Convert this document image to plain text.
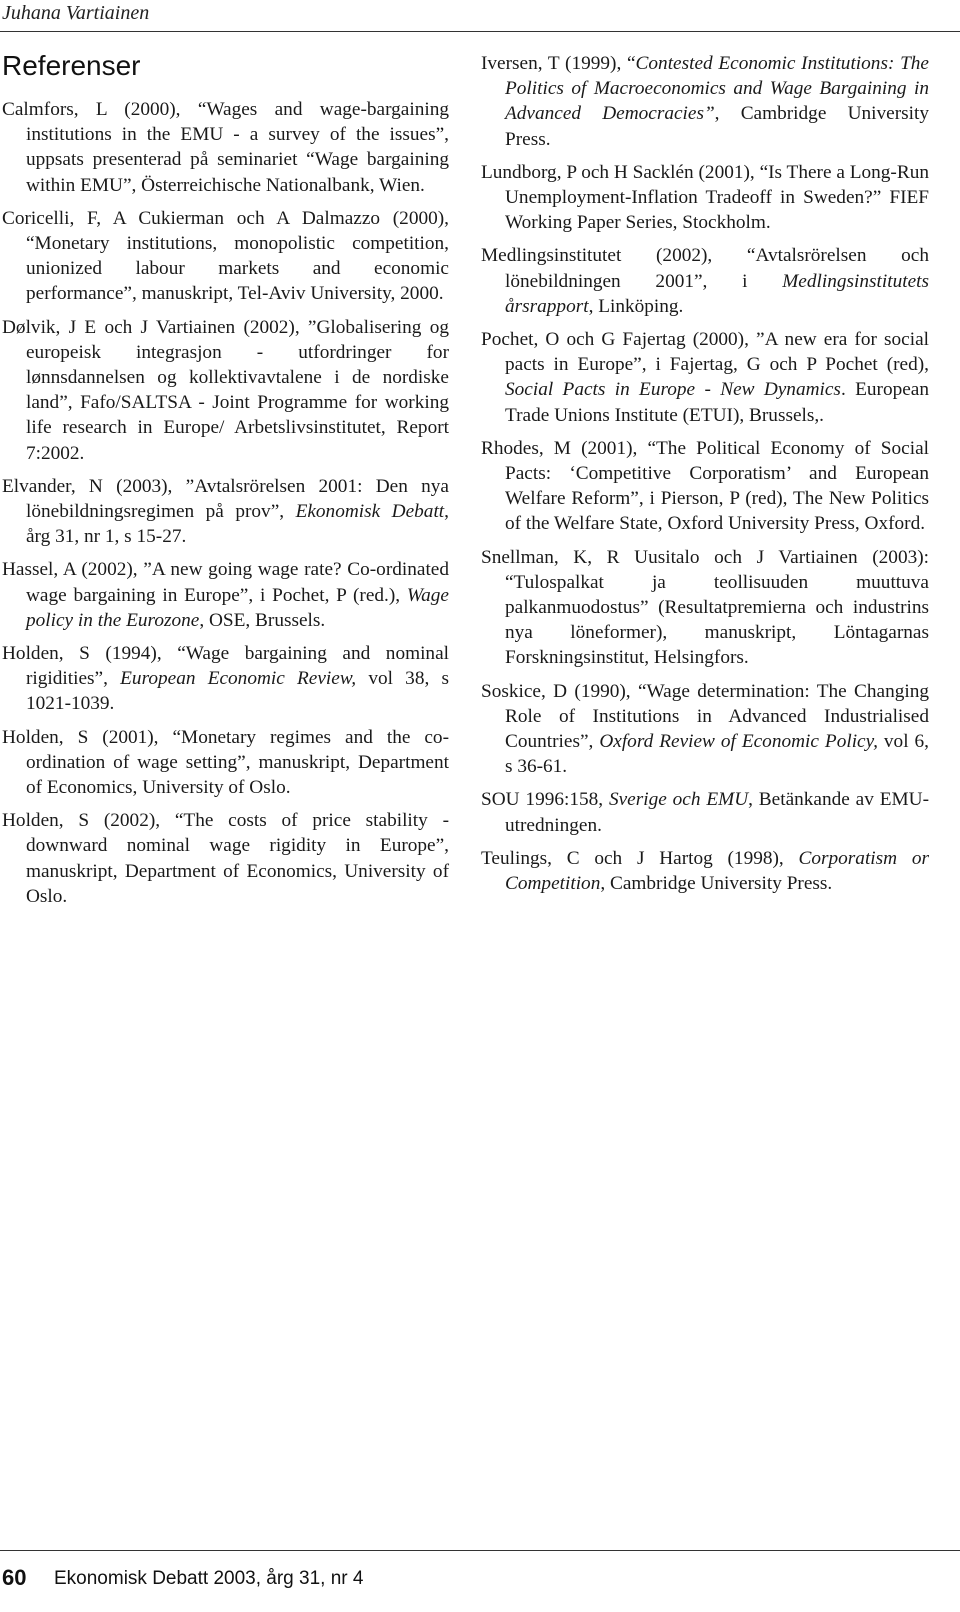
Juhana Vartiainen
Referenser

Calmfors, L (2000), “Wages and wage-bargaining institutions in the EMU - a survey of the issues”, uppsats presenterad på seminariet “Wage bargaining within EMU”, Österreichische Nationalbank, Wien.

Coricelli, F, A Cukierman och A Dalmazzo (2000), “Monetary institutions, monopolistic competition, unionized labour markets and economic performance”, manuskript, Tel-Aviv University, 2000.

Dølvik, J E och J Vartiainen (2002), ”Globalisering og europeisk integrasjon - utfordringer for lønnsdannelsen og kollektivavtalene i de nordiske land”, Fafo/SALTSA - Joint Programme for working life research in Europe/ Arbetslivsinstitutet, Report 7:2002.

Elvander, N (2003), ”Avtalsrörelsen 2001: Den nya lönebildningsregimen på prov”, Ekonomisk Debatt, årg 31, nr 1, s 15-27.

Hassel, A (2002), ”A new going wage rate? Co-ordinated wage bargaining in Europe”, i Pochet, P (red.), Wage policy in the Eurozone, OSE, Brussels.

Holden, S (1994), “Wage bargaining and nominal rigidities”, European Economic Review, vol 38, s 1021-1039.

Holden, S (2001), “Monetary regimes and the co-ordination of wage setting”, manuskript, Department of Economics, University of Oslo.

Holden, S (2002), “The costs of price stability - downward nominal wage rigidity in Europe”, manuskript, Department of Economics, University of Oslo.

Iversen, T (1999), “Contested Economic Institutions: The Politics of Macroeconomics and Wage Bargaining in Advanced Democracies”, Cambridge University Press.

Lundborg, P och H Sacklén (2001), “Is There a Long-Run Unemployment-Inflation Tradeoff in Sweden?” FIEF Working Paper Series, Stockholm.

Medlingsinstitutet (2002), “Avtalsrörelsen och lönebildningen 2001”, i Medlingsinstitutets årsrapport, Linköping.

Pochet, O och G Fajertag (2000), ”A new era for social pacts in Europe”, i Fajertag, G och P Pochet (red), Social Pacts in Europe - New Dynamics. European Trade Unions Institute (ETUI), Brussels,.

Rhodes, M (2001), “The Political Economy of Social Pacts: ‘Competitive Corporatism’ and European Welfare Reform”, i Pierson, P (red), The New Politics of the Welfare State, Oxford University Press, Oxford.

Snellman, K, R Uusitalo och J Vartiainen (2003): “Tulospalkat ja teollisuuden muuttuva palkanmuodostus” (Resultatpremierna och industrins nya löneformer), manuskript, Löntagarnas Forskningsinstitut, Helsingfors.

Soskice, D (1990), “Wage determination: The Changing Role of Institutions in Advanced Industrialised Countries”, Oxford Review of Economic Policy, vol 6, s 36-61.

SOU 1996:158, Sverige och EMU, Betänkande av EMU-utredningen.

Teulings, C och J Hartog (1998), Corporatism or Competition, Cambridge University Press.

60 Ekonomisk Debatt 2003, årg 31, nr 4
